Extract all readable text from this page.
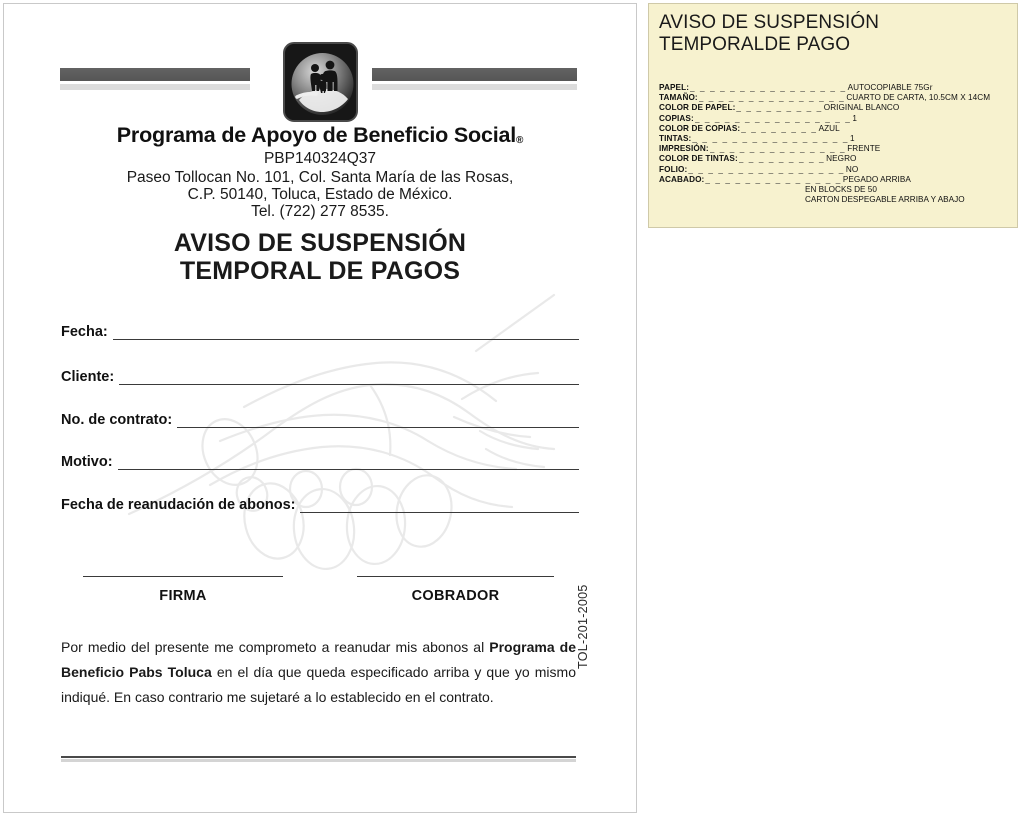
Programa de Apoyo de Beneficio Social®
PBP140324Q37
Paseo Tollocan No. 101, Col. Santa María de las Rosas,
C.P. 50140, Toluca, Estado de México.
Tel. (722) 277 8535.
AVISO DE SUSPENSIÓN
TEMPORAL DE PAGOS
Fecha:
Cliente:
No. de contrato:
Motivo:
Fecha de reanudación de abonos:
FIRMA	COBRADOR
Por medio del presente me comprometo a reanudar mis abonos al Programa de Beneficio Pabs Toluca en el día que queda especificado arriba y que yo mismo indiqué. En caso contrario me sujetaré a lo establecido en el contrato.
TOL-201-2005
AVISO DE SUSPENSIÓN
TEMPORALDE PAGO
PAPEL: _ _ _ _ _ _ _ _ _ _ _ _ _ _ _ _ AUTOCOPIABLE 75Gr
TAMAÑO: _ _ _ _ _ _ _ _ _ _ _ _ _ _ _ CUARTO DE CARTA, 10.5CM X 14CM
COLOR DE PAPEL: _ _ _ _ _ _ _ _ _ ORIGINAL BLANCO
COPIAS: _ _ _ _ _ _ _ _ _ _ _ _ _ _ _ _ 1
COLOR DE COPIAS: _ _ _ _ _ _ _ _ AZUL
TINTAS: _ _ _ _ _ _ _ _ _ _ _ _ _ _ _ _ 1
IMPRESIÓN: _ _ _ _ _ _ _ _ _ _ _ _ _ _ FRENTE
COLOR DE TINTAS: _ _ _ _ _ _ _ _ _ NEGRO
FOLIO: _ _ _ _ _ _ _ _ _ _ _ _ _ _ _ _ NO
ACABADO: _ _ _ _ _ _ _ _ _ _ _ _ _ _ PEGADO ARRIBA
EN BLOCKS DE 50
CARTON DESPEGABLE ARRIBA Y ABAJO
